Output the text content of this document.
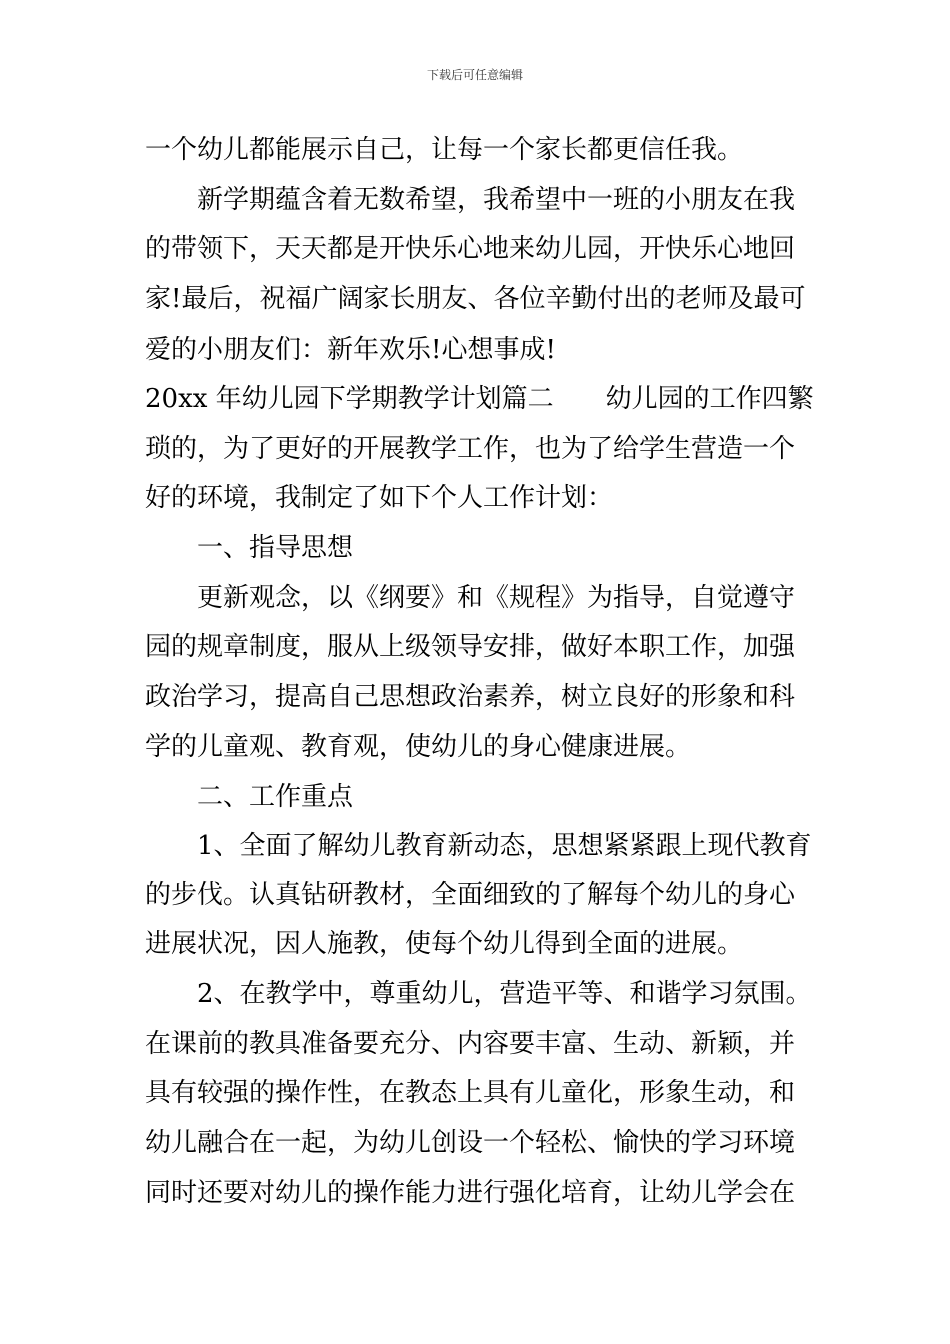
下载后可任意编辑
一个幼儿都能展示自己，让每一个家长都更信任我。
　　新学期蕴含着无数希望，我希望中一班的小朋友在我
的带领下，天天都是开快乐心地来幼儿园，开快乐心地回
家!最后，祝福广阔家长朋友、各位辛勤付出的老师及最可
爱的小朋友们：新年欢乐!心想事成!
20xx 年幼儿园下学期教学计划篇二　　幼儿园的工作四繁
琐的，为了更好的开展教学工作，也为了给学生营造一个
好的环境，我制定了如下个人工作计划：
　　一、指导思想
　　更新观念，以《纲要》和《规程》为指导，自觉遵守
园的规章制度，服从上级领导安排，做好本职工作，加强
政治学习，提高自己思想政治素养，树立良好的形象和科
学的儿童观、教育观，使幼儿的身心健康进展。
　　二、工作重点
　　1、全面了解幼儿教育新动态，思想紧紧跟上现代教育
的步伐。认真钻研教材，全面细致的了解每个幼儿的身心
进展状况，因人施教，使每个幼儿得到全面的进展。
　　2、在教学中，尊重幼儿，营造平等、和谐学习氛围。
在课前的教具准备要充分、内容要丰富、生动、新颖，并
具有较强的操作性，在教态上具有儿童化，形象生动，和
幼儿融合在一起，为幼儿创设一个轻松、愉快的学习环境
同时还要对幼儿的操作能力进行强化培育，让幼儿学会在
